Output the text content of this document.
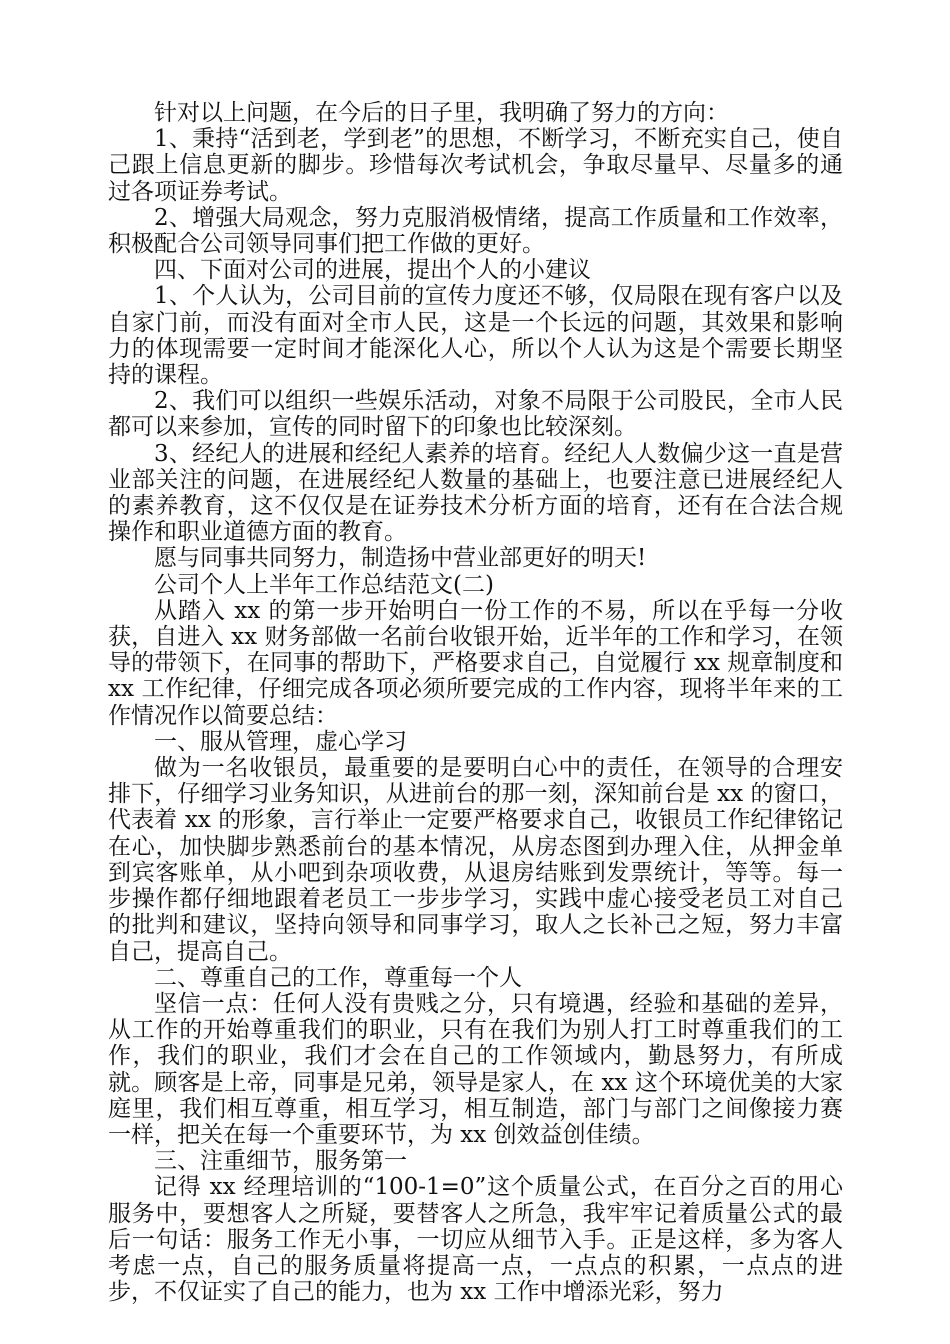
针对以上问题，在今后的日子里，我明确了努力的方向：

1、秉持“活到老，学到老”的思想，不断学习，不断充实自己，使自己跟上信息更新的脚步。珍惜每次考试机会，争取尽量早、尽量多的通过各项证券考试。

2、增强大局观念，努力克服消极情绪，提高工作质量和工作效率，积极配合公司领导同事们把工作做的更好。

四、下面对公司的进展，提出个人的小建议

1、个人认为，公司目前的宣传力度还不够，仅局限在现有客户以及自家门前，而没有面对全市人民，这是一个长远的问题，其效果和影响力的体现需要一定时间才能深化人心，所以个人认为这是个需要长期坚持的课程。

2、我们可以组织一些娱乐活动，对象不局限于公司股民，全市人民都可以来参加，宣传的同时留下的印象也比较深刻。

3、经纪人的进展和经纪人素养的培育。经纪人人数偏少这一直是营业部关注的问题，在进展经纪人数量的基础上，也要注意已进展经纪人的素养教育，这不仅仅是在证券技术分析方面的培育，还有在合法合规操作和职业道德方面的教育。

愿与同事共同努力，制造扬中营业部更好的明天!

公司个人上半年工作总结范文(二)

从踏入 xx 的第一步开始明白一份工作的不易，所以在乎每一分收获，自进入 xx 财务部做一名前台收银开始，近半年的工作和学习，在领导的带领下，在同事的帮助下，严格要求自己，自觉履行 xx 规章制度和 xx 工作纪律，仔细完成各项必须所要完成的工作内容，现将半年来的工作情况作以简要总结：

一、服从管理，虚心学习

做为一名收银员，最重要的是要明白心中的责任，在领导的合理安排下，仔细学习业务知识，从进前台的那一刻，深知前台是 xx 的窗口，代表着 xx 的形象，言行举止一定要严格要求自己，收银员工作纪律铭记在心，加快脚步熟悉前台的基本情况，从房态图到办理入住，从押金单到宾客账单，从小吧到杂项收费，从退房结账到发票统计，等等。每一步操作都仔细地跟着老员工一步步学习，实践中虚心接受老员工对自己的批判和建议，坚持向领导和同事学习，取人之长补己之短，努力丰富自己，提高自己。

二、尊重自己的工作，尊重每一个人

坚信一点：任何人没有贵贱之分，只有境遇，经验和基础的差异，从工作的开始尊重我们的职业，只有在我们为别人打工时尊重我们的工作，我们的职业，我们才会在自己的工作领域内，勤恳努力，有所成就。顾客是上帝，同事是兄弟，领导是家人，在 xx 这个环境优美的大家庭里，我们相互尊重，相互学习，相互制造，部门与部门之间像接力赛一样，把关在每一个重要环节，为 xx 创效益创佳绩。

三、注重细节，服务第一

记得 xx 经理培训的“100-1=0”这个质量公式，在百分之百的用心服务中，要想客人之所疑，要替客人之所急，我牢牢记着质量公式的最后一句话：服务工作无小事，一切应从细节入手。正是这样，多为客人考虑一点，自己的服务质量将提高一点，一点点的积累，一点点的进步，不仅证实了自己的能力，也为 xx 工作中增添光彩，努力
